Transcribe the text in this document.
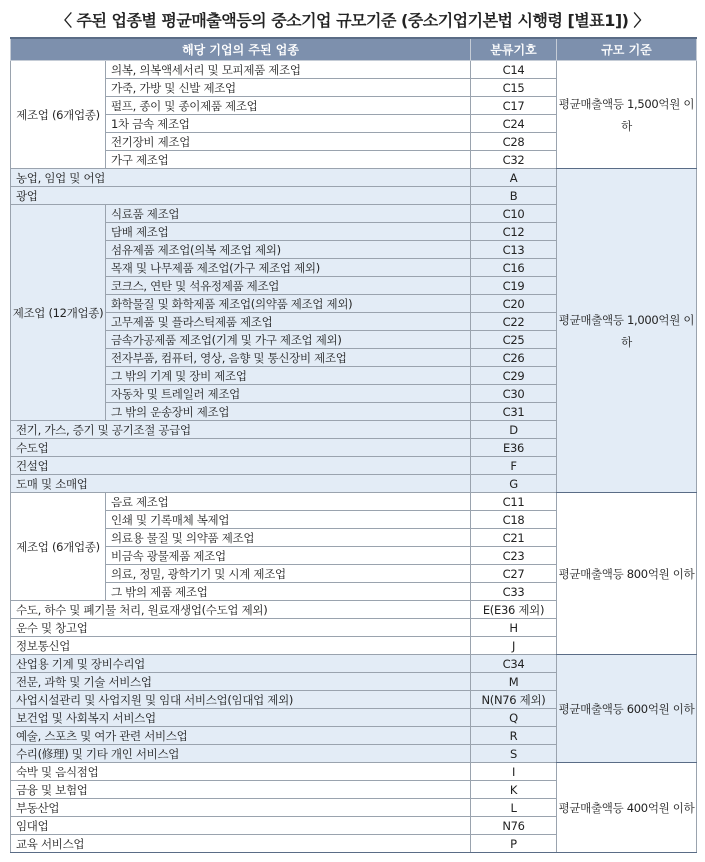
〈 주된 업종별 평균매출액등의 중소기업 규모기준 (중소기업기본법 시행령 [별표1]) 〉
해당 기업의 주된 업종		분류기호	규모 기준
제조업 (6개업종)	의복, 의복액세서리 및 모피제품 제조업	C14	평균매출액등 1,500억원 이하
	가죽, 가방 및 신발 제조업	C15	
	펄프, 종이 및 종이제품 제조업	C17	
	1차 금속 제조업	C24	
	전기장비 제조업	C28	
	가구 제조업	C32	
농업, 임업 및 어업		A	평균매출액등 1,000억원 이하
광업		B	
제조업 (12개업종)	식료품 제조업	C10	
	담배 제조업	C12	
	섬유제품 제조업(의복 제조업 제외)	C13	
	목재 및 나무제품 제조업(가구 제조업 제외)	C16	
	코크스, 연탄 및 석유정제품 제조업	C19	
	화학물질 및 화학제품 제조업(의약품 제조업 제외)	C20	
	고무제품 및 플라스틱제품 제조업	C22	
	금속가공제품 제조업(기계 및 가구 제조업 제외)	C25	
	전자부품, 컴퓨터, 영상, 음향 및 통신장비 제조업	C26	
	그 밖의 기계 및 장비 제조업	C29	
	자동차 및 트레일러 제조업	C30	
	그 밖의 운송장비 제조업	C31	
전기, 가스, 증기 및 공기조절 공급업		D	
수도업		E36	
건설업		F	
도매 및 소매업		G	
제조업 (6개업종)	음료 제조업	C11	평균매출액등 800억원 이하
	인쇄 및 기록매체 복제업	C18	
	의료용 물질 및 의약품 제조업	C21	
	비금속 광물제품 제조업	C23	
	의료, 정밀, 광학기기 및 시계 제조업	C27	
	그 밖의 제품 제조업	C33	
수도, 하수 및 폐기물 처리, 원료재생업(수도업 제외)		E(E36 제외)	
운수 및 창고업		H	
정보통신업		J	
산업용 기계 및 장비수리업		C34	평균매출액등 600억원 이하
전문, 과학 및 기술 서비스업		M	
사업시설관리 및 사업지원 및 임대 서비스업(임대업 제외)		N(N76 제외)	
보건업 및 사회복지 서비스업		Q	
예술, 스포츠 및 여가 관련 서비스업		R	
수리(修理) 및 기타 개인 서비스업		S	
숙박 및 음식점업		I	평균매출액등 400억원 이하
금융 및 보험업		K	
부동산업		L	
임대업		N76	
교육 서비스업		P	
